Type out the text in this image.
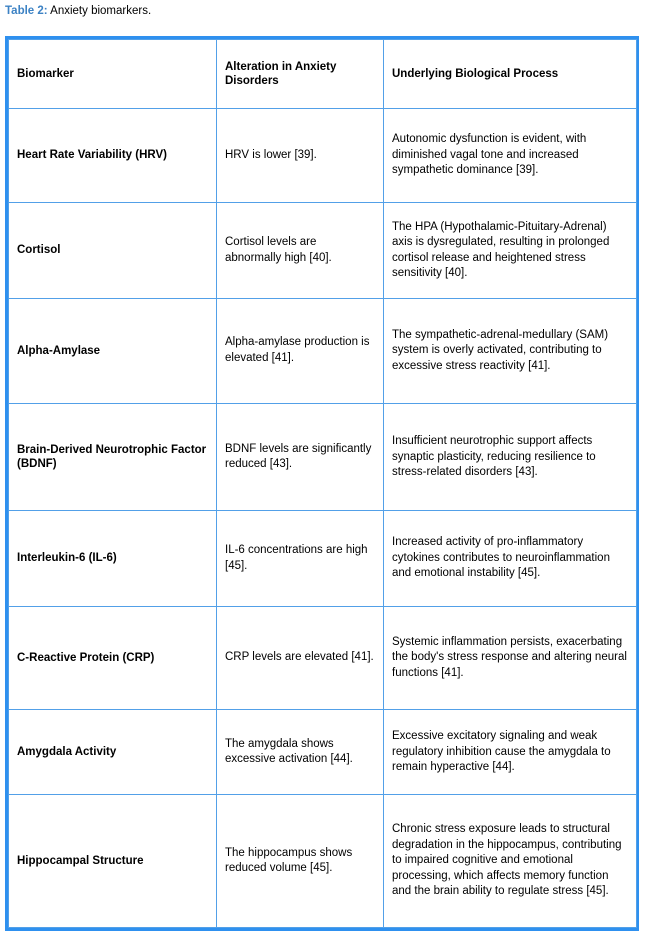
Table 2: Anxiety biomarkers.
Biomarker	Alteration in Anxiety Disorders	Underlying Biological Process
Heart Rate Variability (HRV)	HRV is lower [39].	Autonomic dysfunction is evident, with diminished vagal tone and increased sympathetic dominance [39].
Cortisol	Cortisol levels are abnormally high [40].	The HPA (Hypothalamic-Pituitary-Adrenal) axis is dysregulated, resulting in prolonged cortisol release and heightened stress sensitivity [40].
Alpha-Amylase	Alpha-amylase production is elevated [41].	The sympathetic-adrenal-medullary (SAM) system is overly activated, contributing to excessive stress reactivity [41].
Brain-Derived Neurotrophic Factor (BDNF)	BDNF levels are significantly reduced [43].	Insufficient neurotrophic support affects synaptic plasticity, reducing resilience to stress-related disorders [43].
Interleukin-6 (IL-6)	IL-6 concentrations are high [45].	Increased activity of pro-inflammatory cytokines contributes to neuroinflammation and emotional instability [45].
C-Reactive Protein (CRP)	CRP levels are elevated [41].	Systemic inflammation persists, exacerbating the body's stress response and altering neural functions [41].
Amygdala Activity	The amygdala shows excessive activation [44].	Excessive excitatory signaling and weak regulatory inhibition cause the amygdala to remain hyperactive [44].
Hippocampal Structure	The hippocampus shows reduced volume [45].	Chronic stress exposure leads to structural degradation in the hippocampus, contributing to impaired cognitive and emotional processing, which affects memory function and the brain ability to regulate stress [45].
